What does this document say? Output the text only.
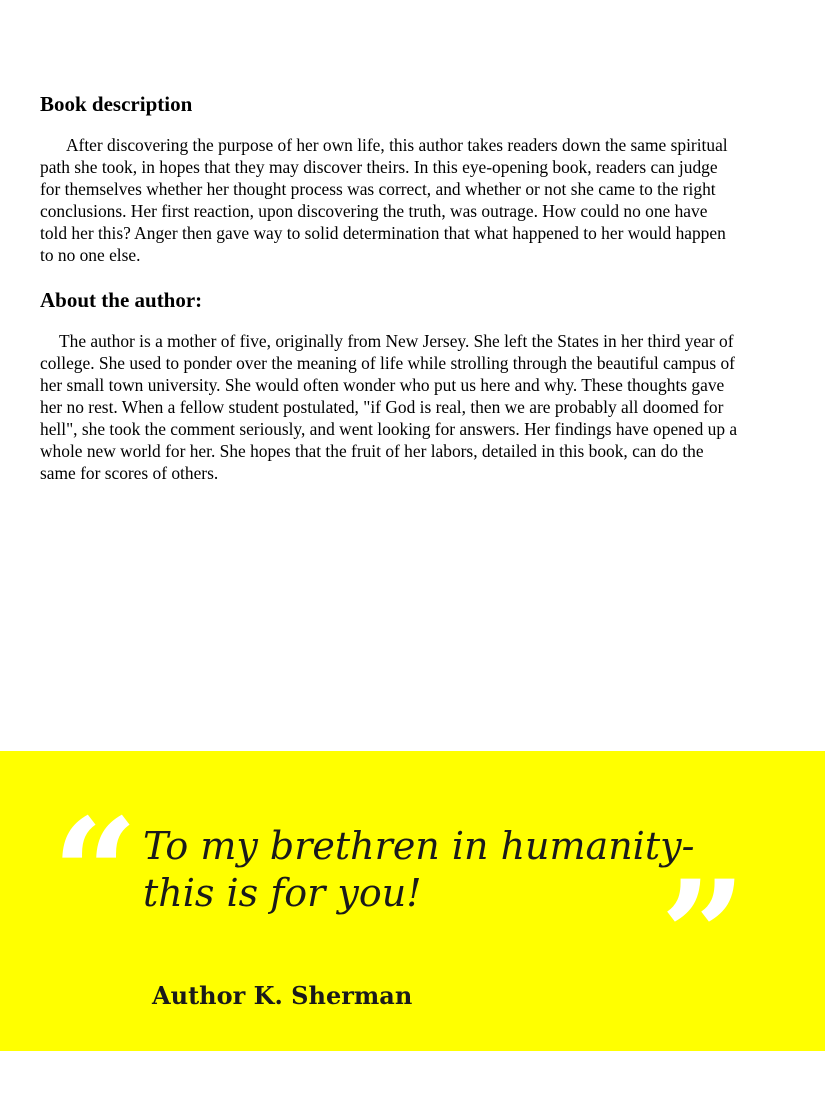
Book description

After discovering the purpose of her own life, this author takes readers down the same spiritual
path she took, in hopes that they may discover theirs. In this eye-opening book, readers can judge
for themselves whether her thought process was correct, and whether or not she came to the right
conclusions. Her first reaction, upon discovering the truth, was outrage. How could no one have
told her this? Anger then gave way to solid determination that what happened to her would happen
to no one else.

About the author:

The author is a mother of five, originally from New Jersey. She left the States in her third year of
college. She used to ponder over the meaning of life while strolling through the beautiful campus of
her small town university. She would often wonder who put us here and why. These thoughts gave
her no rest. When a fellow student postulated, "if God is real, then we are probably all doomed for
hell", she took the comment seriously, and went looking for answers. Her findings have opened up a
whole new world for her. She hopes that the fruit of her labors, detailed in this book, can do the
same for scores of others.

“ To my brethren in humanity-
this is for you!	”
Author K. Sherman
